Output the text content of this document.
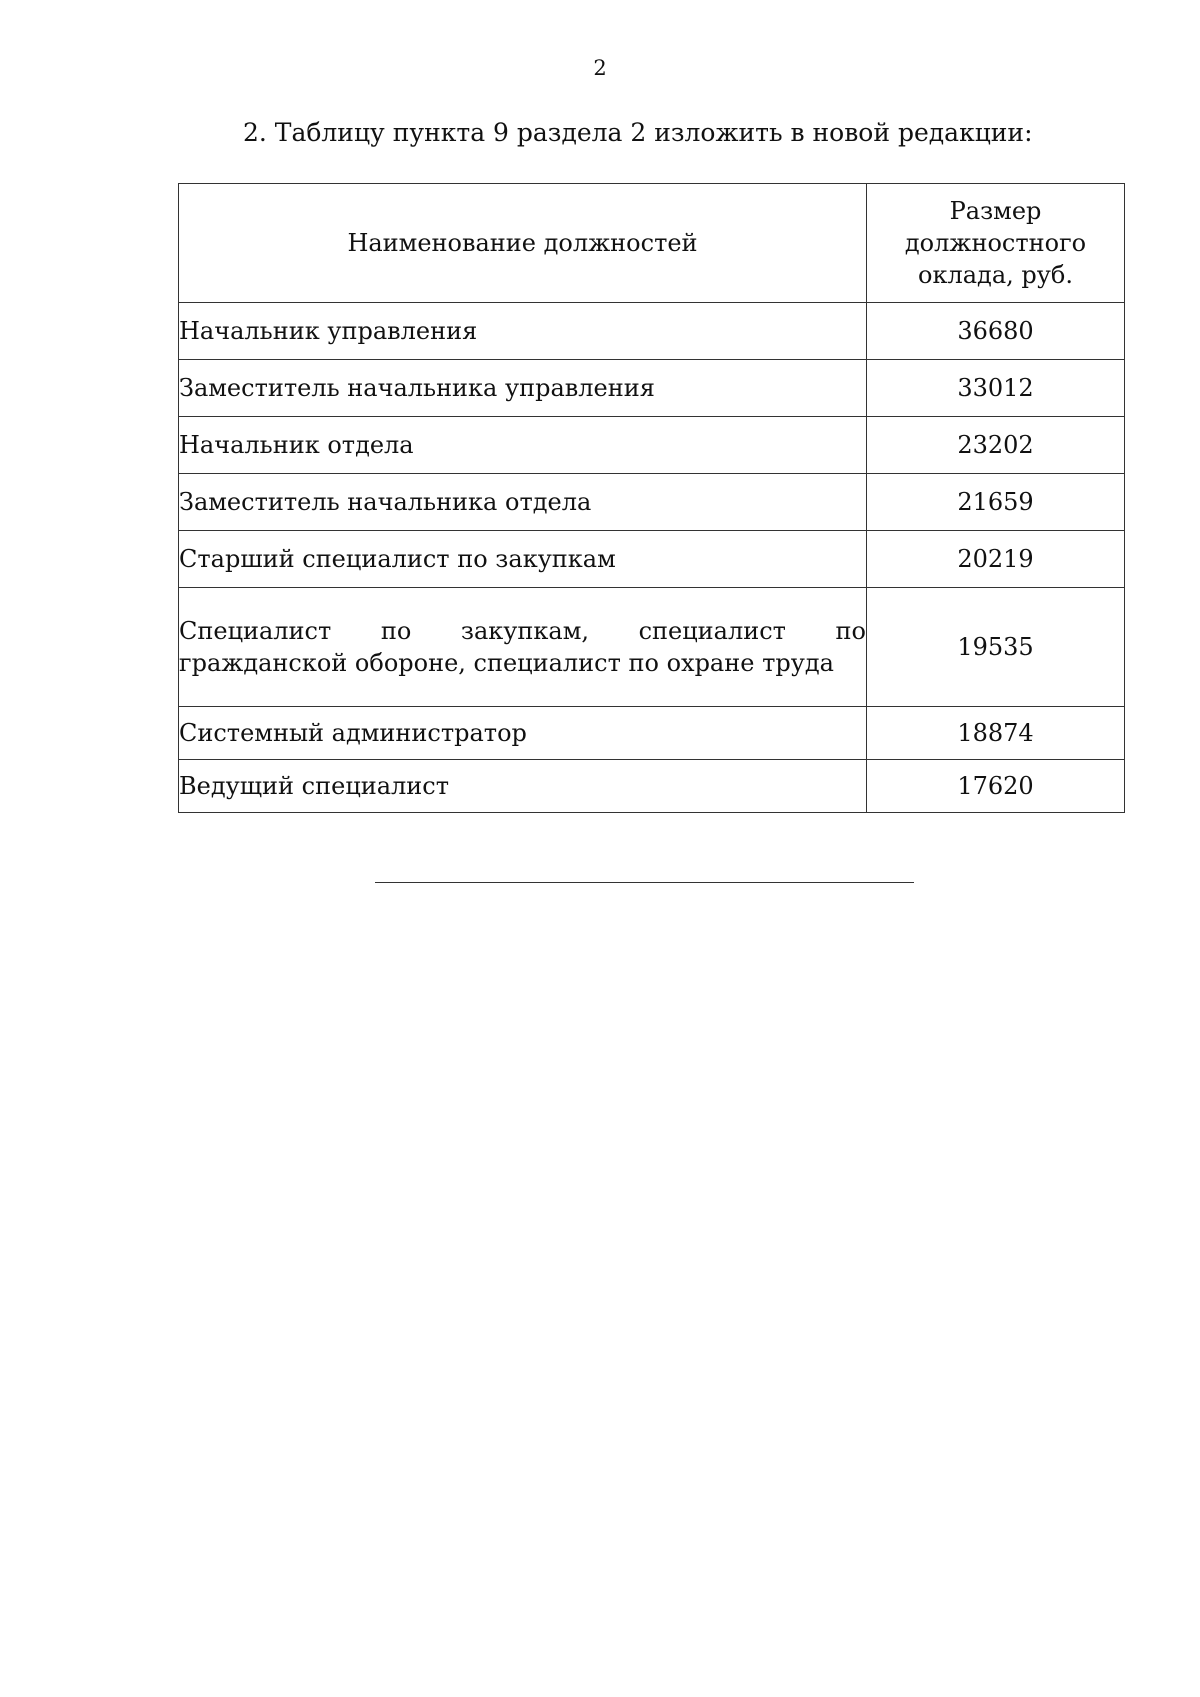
2
2. Таблицу пункта 9 раздела 2 изложить в новой редакции:
Наименование должностей	Размер должностного оклада, руб.
Начальник управления	36680
Заместитель начальника управления	33012
Начальник отдела	23202
Заместитель начальника отдела	21659
Старший специалист по закупкам	20219
Специалист по закупкам, специалист по гражданской обороне, специалист по охране труда	19535
Системный администратор	18874
Ведущий специалист	17620
